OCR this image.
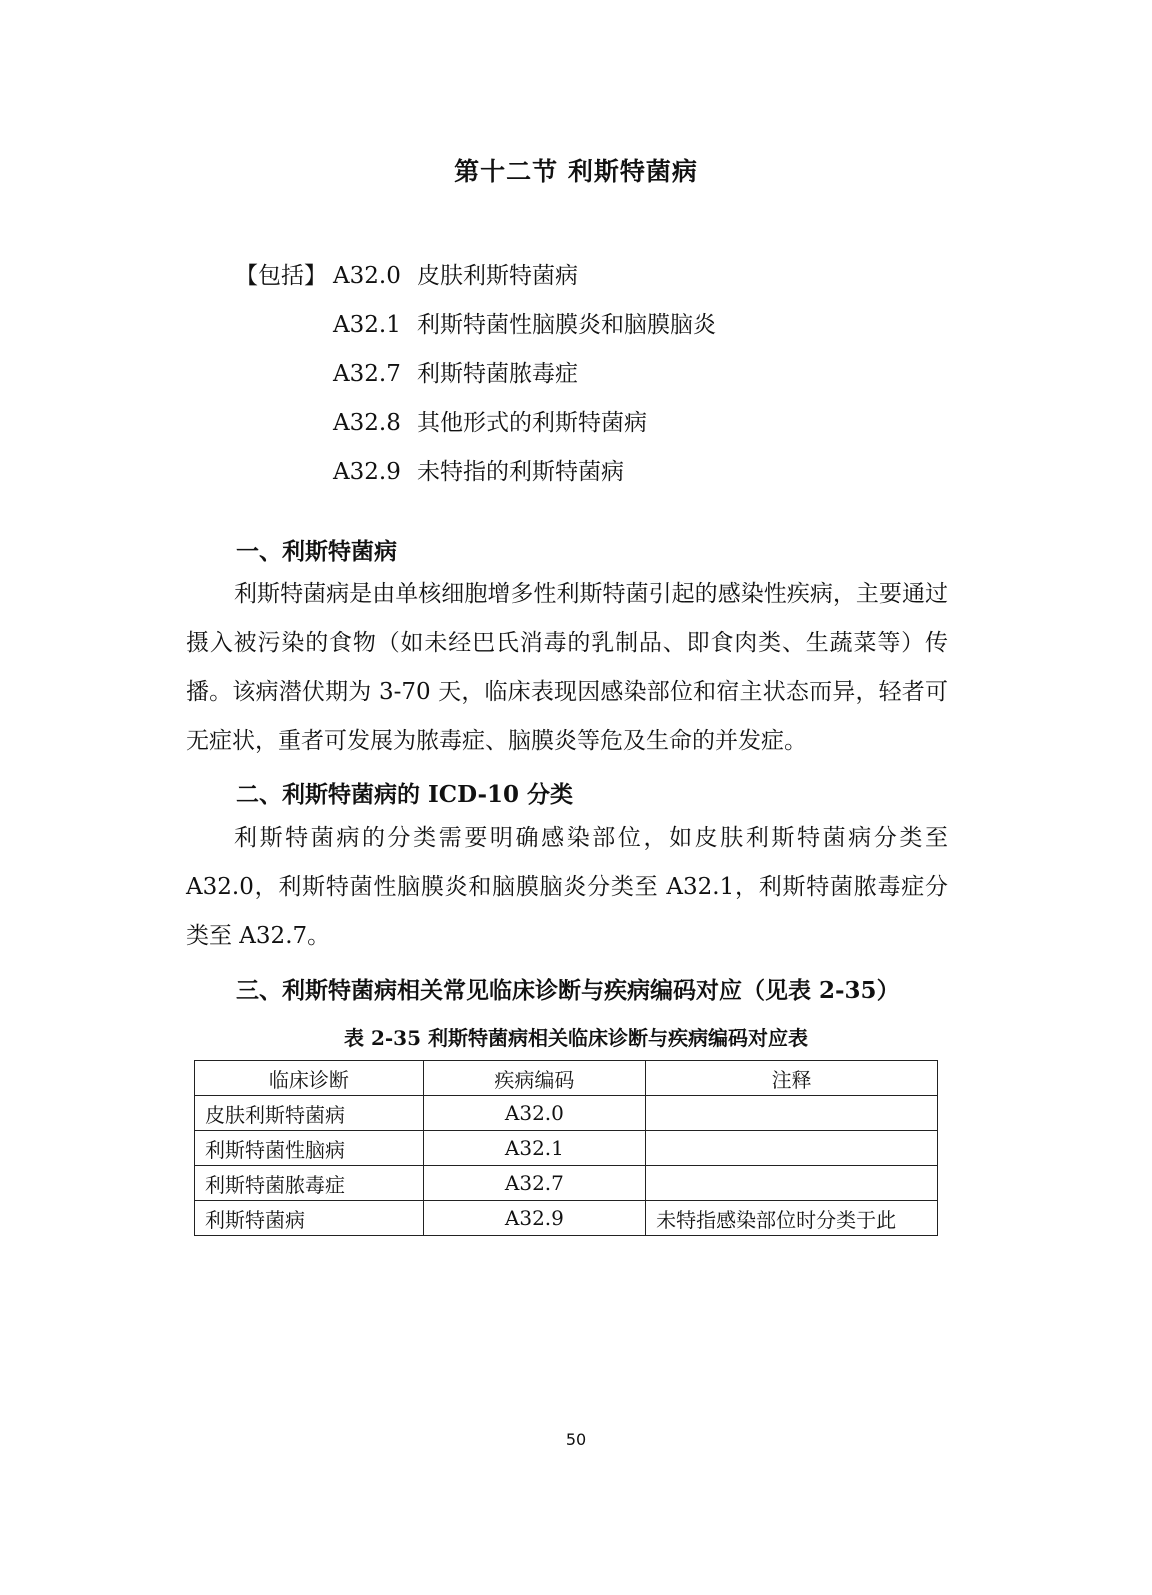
第十二节 利斯特菌病
【包括】 A32.0 皮肤利斯特菌病
A32.1 利斯特菌性脑膜炎和脑膜脑炎
A32.7 利斯特菌脓毒症
A32.8 其他形式的利斯特菌病
A32.9 未特指的利斯特菌病
一、利斯特菌病
利斯特菌病是由单核细胞增多性利斯特菌引起的感染性疾病，主要通过摄入被污染的食物（如未经巴氏消毒的乳制品、即食肉类、生蔬菜等）传播。该病潜伏期为 3-70 天，临床表现因感染部位和宿主状态而异，轻者可无症状，重者可发展为脓毒症、脑膜炎等危及生命的并发症。
二、利斯特菌病的 ICD-10 分类
利斯特菌病的分类需要明确感染部位，如皮肤利斯特菌病分类至 A32.0，利斯特菌性脑膜炎和脑膜脑炎分类至 A32.1，利斯特菌脓毒症分类至 A32.7。
三、利斯特菌病相关常见临床诊断与疾病编码对应（见表 2-35）
表 2-35 利斯特菌病相关临床诊断与疾病编码对应表
临床诊断	疾病编码	注释
皮肤利斯特菌病	A32.0	
利斯特菌性脑病	A32.1	
利斯特菌脓毒症	A32.7	
利斯特菌病	A32.9	未特指感染部位时分类于此
50
